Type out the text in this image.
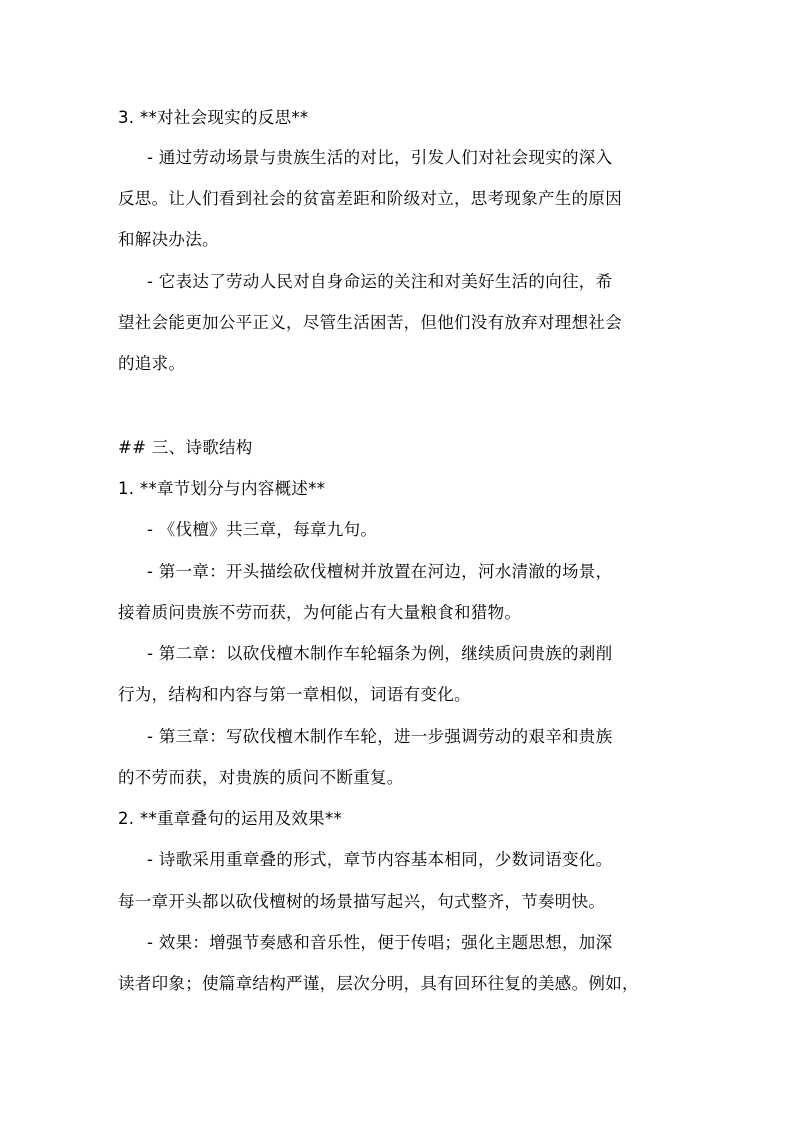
3. **对社会现实的反思**
- 通过劳动场景与贵族生活的对比，引发人们对社会现实的深入
反思。让人们看到社会的贫富差距和阶级对立，思考现象产生的原因
和解决办法。
- 它表达了劳动人民对自身命运的关注和对美好生活的向往，希
望社会能更加公平正义，尽管生活困苦，但他们没有放弃对理想社会
的追求。
## 三、诗歌结构
1. **章节划分与内容概述**
- 《伐檀》共三章，每章九句。
- 第一章：开头描绘砍伐檀树并放置在河边，河水清澈的场景，
接着质问贵族不劳而获，为何能占有大量粮食和猎物。
- 第二章：以砍伐檀木制作车轮辐条为例，继续质问贵族的剥削
行为，结构和内容与第一章相似，词语有变化。
- 第三章：写砍伐檀木制作车轮，进一步强调劳动的艰辛和贵族
的不劳而获，对贵族的质问不断重复。
2. **重章叠句的运用及效果**
- 诗歌采用重章叠的形式，章节内容基本相同，少数词语变化。
每一章开头都以砍伐檀树的场景描写起兴，句式整齐，节奏明快。
- 效果：增强节奏感和音乐性，便于传唱；强化主题思想，加深
读者印象；使篇章结构严谨，层次分明，具有回环往复的美感。例如，
